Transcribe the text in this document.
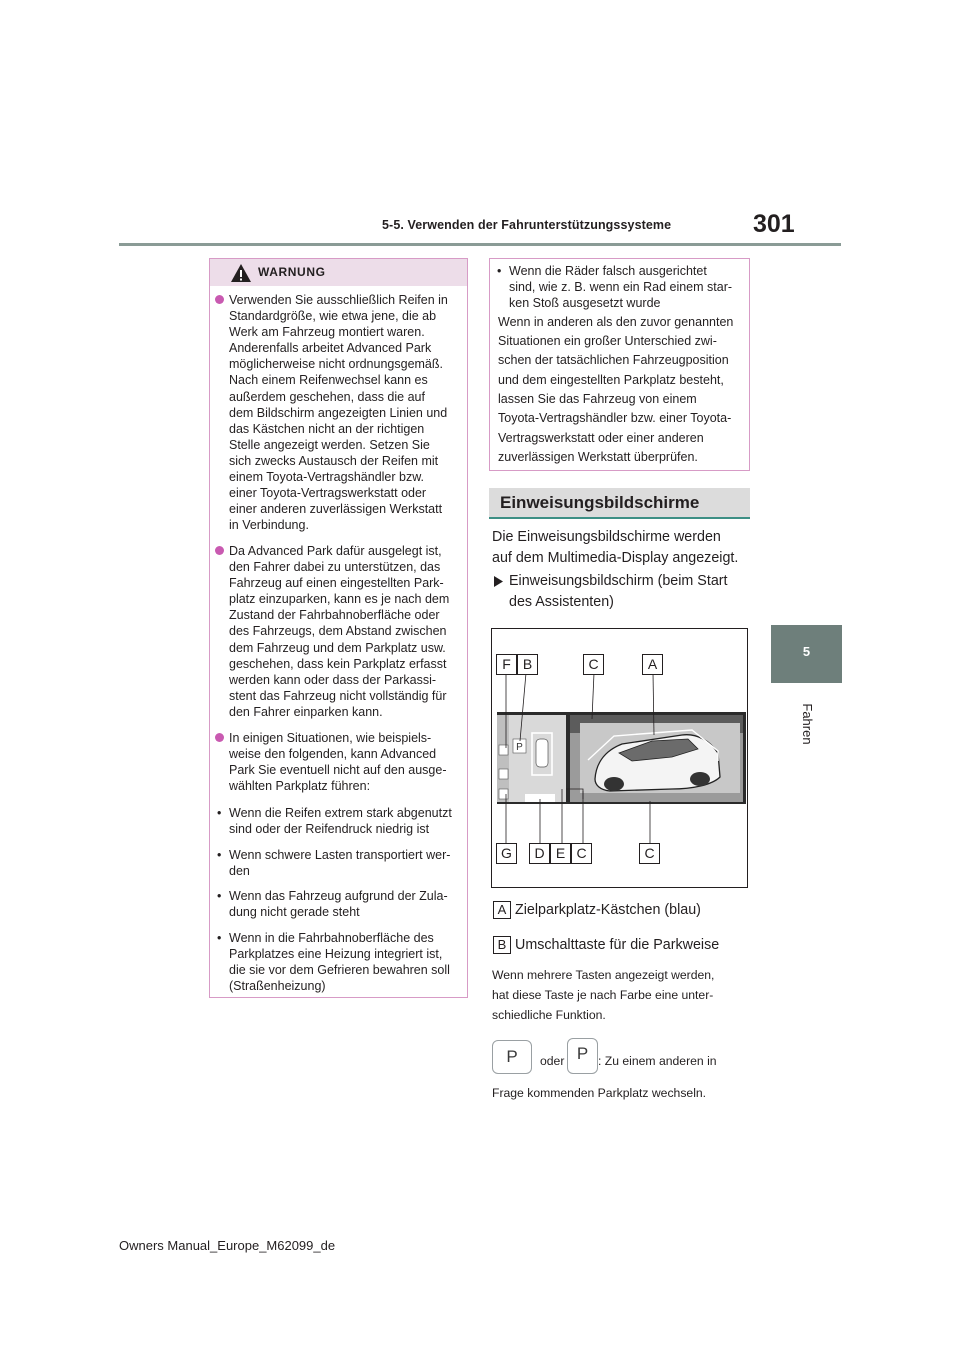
5-5. Verwenden der Fahrunterstützungssysteme	301
5
Fahren
WARNUNG
Verwenden Sie ausschließlich Reifen in
Standardgröße, wie etwa jene, die ab
Werk am Fahrzeug montiert waren.
Anderenfalls arbeitet Advanced Park
möglicherweise nicht ordnungsgemäß.
Nach einem Reifenwechsel kann es
außerdem geschehen, dass die auf
dem Bildschirm angezeigten Linien und
das Kästchen nicht an der richtigen
Stelle angezeigt werden. Setzen Sie
sich zwecks Austausch der Reifen mit
einem Toyota-Vertragshändler bzw.
einer Toyota-Vertragswerkstatt oder
einer anderen zuverlässigen Werkstatt
in Verbindung.
Da Advanced Park dafür ausgelegt ist,
den Fahrer dabei zu unterstützen, das
Fahrzeug auf einen eingestellten Park-
platz einzuparken, kann es je nach dem
Zustand der Fahrbahnoberfläche oder
des Fahrzeugs, dem Abstand zwischen
dem Fahrzeug und dem Parkplatz usw.
geschehen, dass kein Parkplatz erfasst
werden kann oder dass der Parkassi-
stent das Fahrzeug nicht vollständig für
den Fahrer einparken kann.
In einigen Situationen, wie beispiels-
weise den folgenden, kann Advanced
Park Sie eventuell nicht auf den ausge-
wählten Parkplatz führen:
• Wenn die Reifen extrem stark abgenutzt
sind oder der Reifendruck niedrig ist
• Wenn schwere Lasten transportiert wer-
den
• Wenn das Fahrzeug aufgrund der Zula-
dung nicht gerade steht
• Wenn in die Fahrbahnoberfläche des
Parkplatzes eine Heizung integriert ist,
die sie vor dem Gefrieren bewahren soll
(Straßenheizung)
• Wenn die Räder falsch ausgerichtet
sind, wie z. B. wenn ein Rad einem star-
ken Stoß ausgesetzt wurde
Wenn in anderen als den zuvor genannten
Situationen ein großer Unterschied zwi-
schen der tatsächlichen Fahrzeugposition
und dem eingestellten Parkplatz besteht,
lassen Sie das Fahrzeug von einem
Toyota-Vertragshändler bzw. einer Toyota-
Vertragswerkstatt oder einer anderen
zuverlässigen Werkstatt überprüfen.
Einweisungsbildschirme
Die Einweisungsbildschirme werden
auf dem Multimedia-Display angezeigt.
Einweisungsbildschirm (beim Start
des Assistenten)
P
F B	C	A
G	D E C	C
A Zielparkplatz-Kästchen (blau)
B Umschalttaste für die Parkweise
Wenn mehrere Tasten angezeigt werden,
hat diese Taste je nach Farbe eine unter-
schiedliche Funktion.
P	oder P : Zu einem anderen in
Frage kommenden Parkplatz wechseln.
Owners Manual_Europe_M62099_de
